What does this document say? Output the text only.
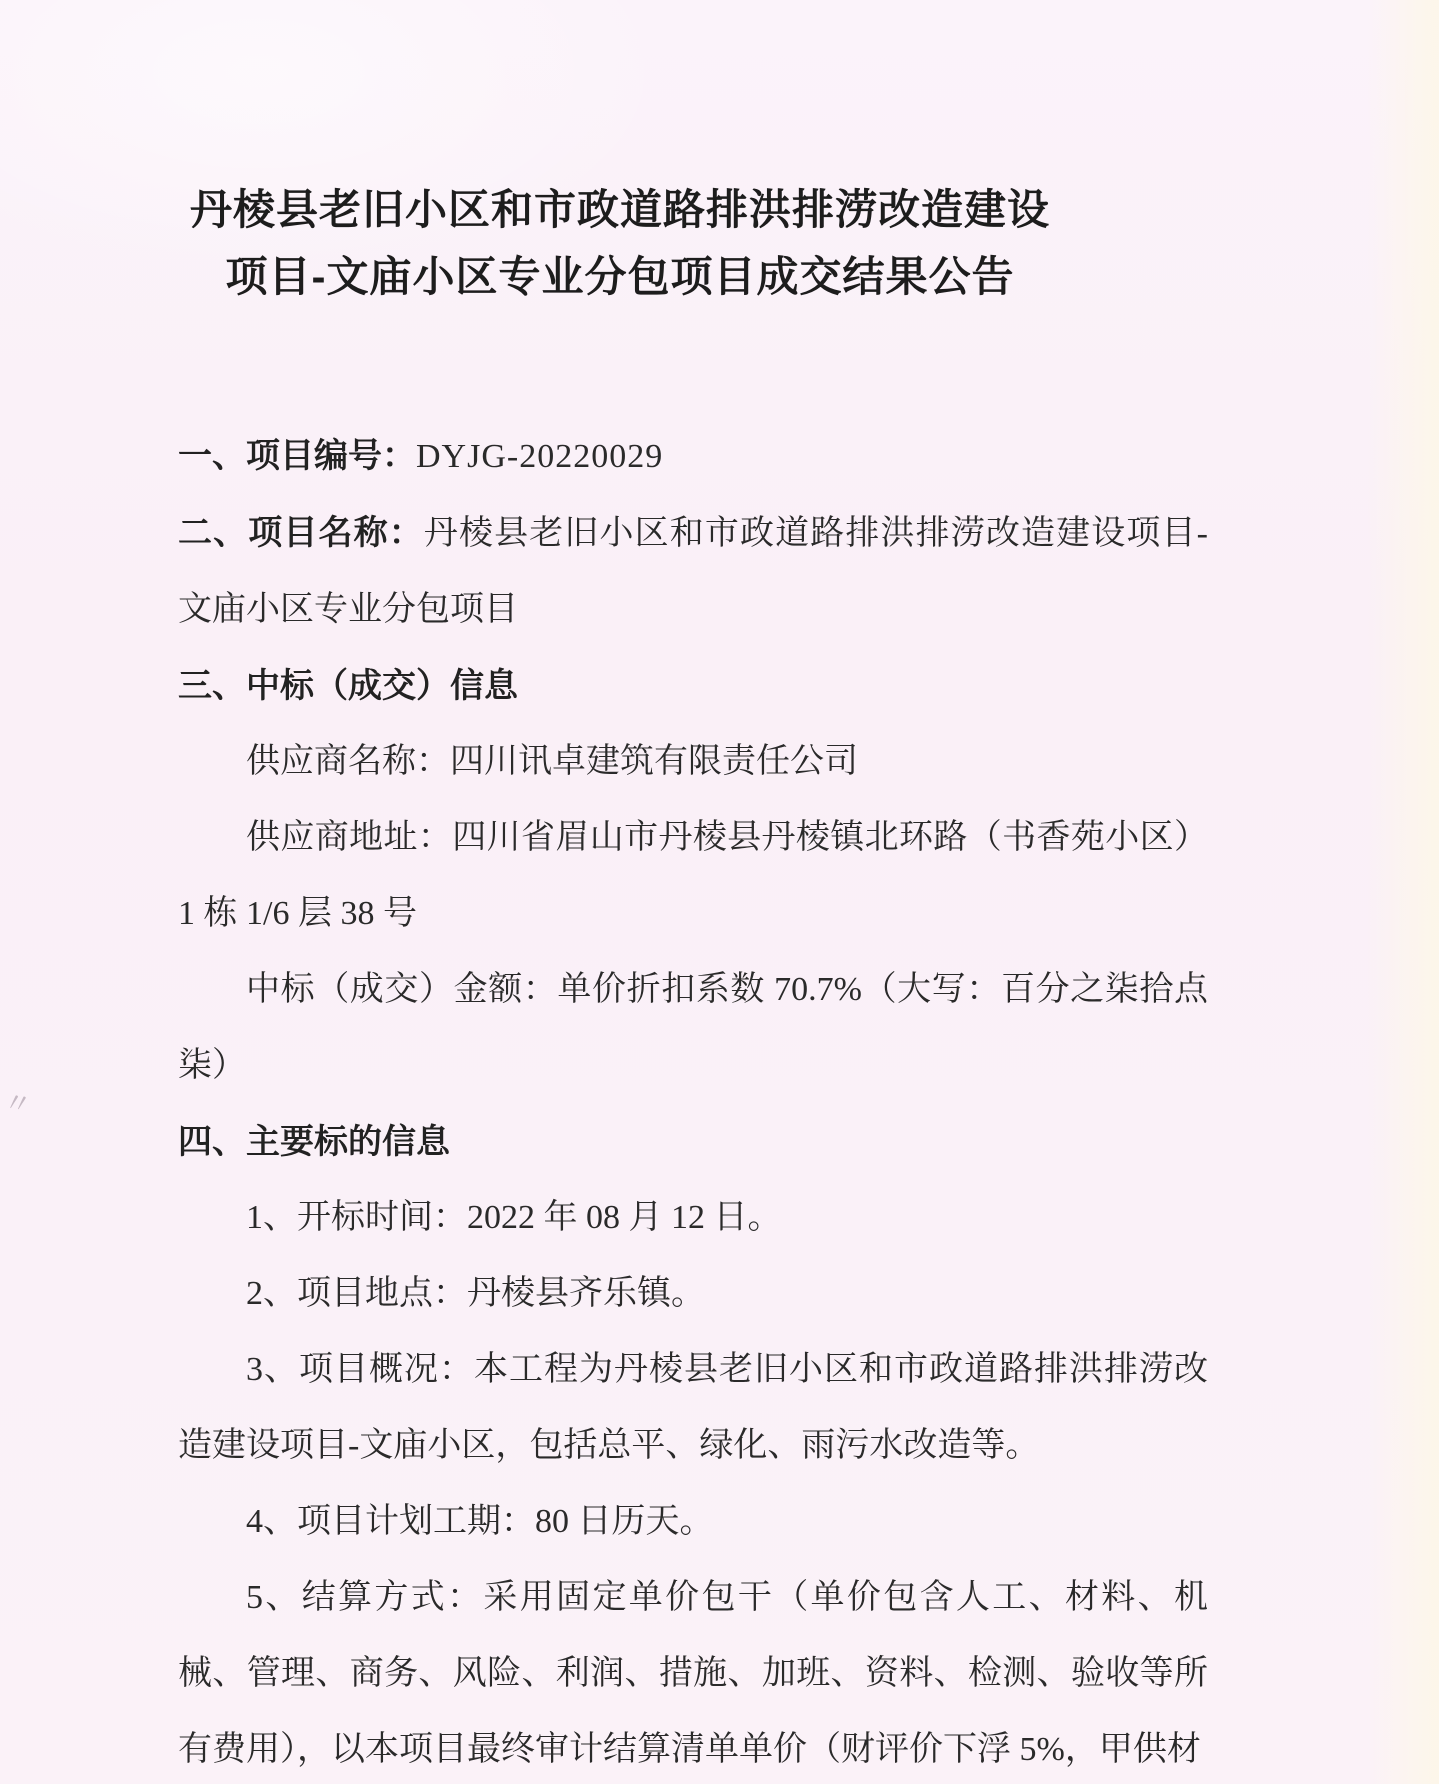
丹棱县老旧小区和市政道路排洪排涝改造建设
项目-文庙小区专业分包项目成交结果公告

一、项目编号：DYJG-20220029

二、项目名称：丹棱县老旧小区和市政道路排洪排涝改造建设项目-文庙小区专业分包项目

三、中标（成交）信息

供应商名称：四川讯卓建筑有限责任公司

供应商地址：四川省眉山市丹棱县丹棱镇北环路（书香苑小区）1 栋 1/6 层 38 号

中标（成交）金额：单价折扣系数 70.7%（大写：百分之柒拾点柒）

四、主要标的信息

1、开标时间：2022 年 08 月 12 日。

2、项目地点：丹棱县齐乐镇。

3、项目概况：本工程为丹棱县老旧小区和市政道路排洪排涝改造建设项目-文庙小区，包括总平、绿化、雨污水改造等。

4、项目计划工期：80 日历天。

5、结算方式：采用固定单价包干（单价包含人工、材料、机械、管理、商务、风险、利润、措施、加班、资料、检测、验收等所有费用），以本项目最终审计结算清单单价（财评价下浮 5%，甲供材

〃
